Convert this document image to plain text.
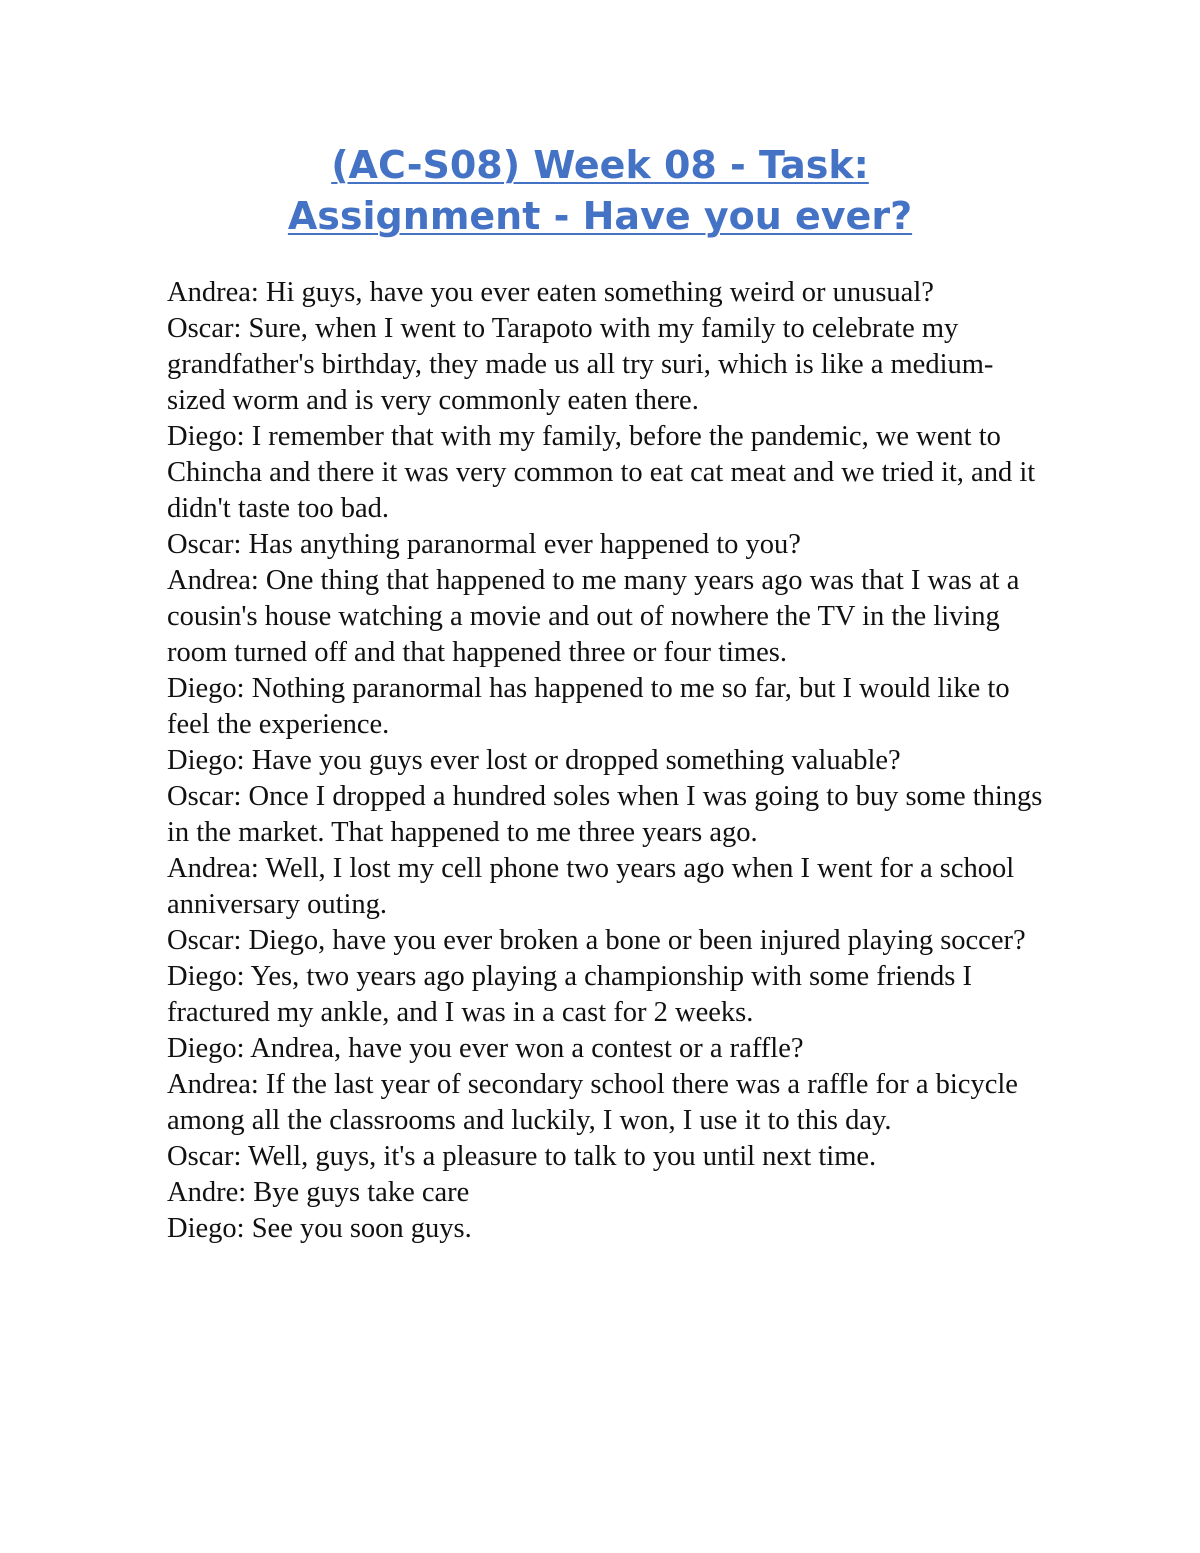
(AC-S08) Week 08 - Task:
Assignment - Have you ever?
Andrea: Hi guys, have you ever eaten something weird or unusual?
Oscar: Sure, when I went to Tarapoto with my family to celebrate my grandfather's birthday, they made us all try suri, which is like a medium-sized worm and is very commonly eaten there.
Diego: I remember that with my family, before the pandemic, we went to Chincha and there it was very common to eat cat meat and we tried it, and it didn't taste too bad.
Oscar: Has anything paranormal ever happened to you?
Andrea: One thing that happened to me many years ago was that I was at a cousin's house watching a movie and out of nowhere the TV in the living room turned off and that happened three or four times.
Diego: Nothing paranormal has happened to me so far, but I would like to feel the experience.
Diego: Have you guys ever lost or dropped something valuable?
Oscar: Once I dropped a hundred soles when I was going to buy some things in the market. That happened to me three years ago.
Andrea: Well, I lost my cell phone two years ago when I went for a school anniversary outing.
Oscar: Diego, have you ever broken a bone or been injured playing soccer?
Diego: Yes, two years ago playing a championship with some friends I fractured my ankle, and I was in a cast for 2 weeks.
Diego: Andrea, have you ever won a contest or a raffle?
Andrea: If the last year of secondary school there was a raffle for a bicycle among all the classrooms and luckily, I won, I use it to this day.
Oscar: Well, guys, it's a pleasure to talk to you until next time.
Andre: Bye guys take care
Diego: See you soon guys.
